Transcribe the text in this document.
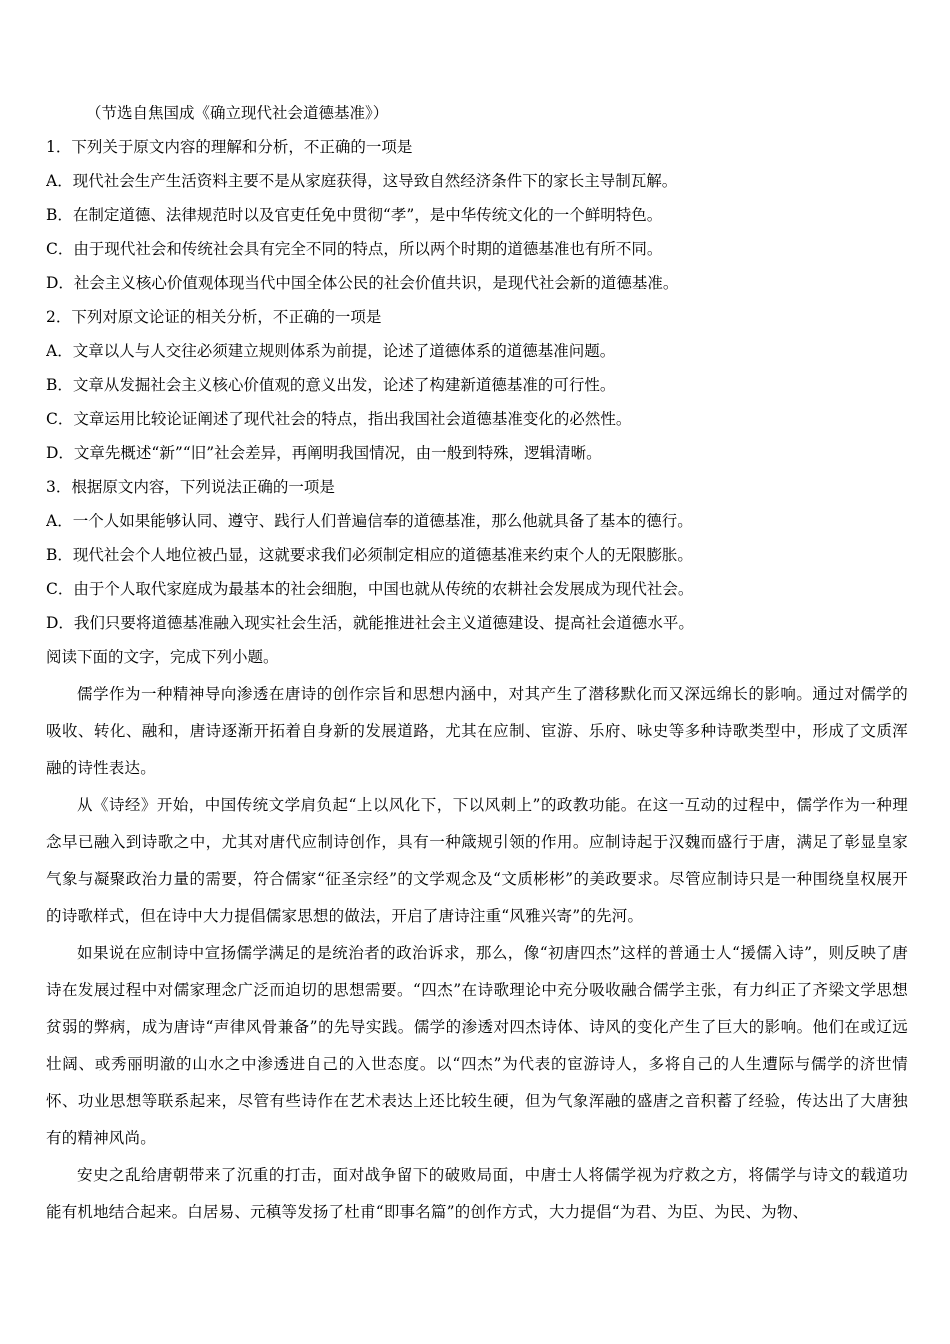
（节选自焦国成《确立现代社会道德基准》）
1．下列关于原文内容的理解和分析，不正确的一项是
A．现代社会生产生活资料主要不是从家庭获得，这导致自然经济条件下的家长主导制瓦解。
B．在制定道德、法律规范时以及官吏任免中贯彻“孝”，是中华传统文化的一个鲜明特色。
C．由于现代社会和传统社会具有完全不同的特点，所以两个时期的道德基准也有所不同。
D．社会主义核心价值观体现当代中国全体公民的社会价值共识，是现代社会新的道德基准。
2．下列对原文论证的相关分析，不正确的一项是
A．文章以人与人交往必须建立规则体系为前提，论述了道德体系的道德基准问题。
B．文章从发掘社会主义核心价值观的意义出发，论述了构建新道德基准的可行性。
C．文章运用比较论证阐述了现代社会的特点，指出我国社会道德基准变化的必然性。
D．文章先概述“新”“旧”社会差异，再阐明我国情况，由一般到特殊，逻辑清晰。
3．根据原文内容，下列说法正确的一项是
A．一个人如果能够认同、遵守、践行人们普遍信奉的道德基准，那么他就具备了基本的德行。
B．现代社会个人地位被凸显，这就要求我们必须制定相应的道德基准来约束个人的无限膨胀。
C．由于个人取代家庭成为最基本的社会细胞，中国也就从传统的农耕社会发展成为现代社会。
D．我们只要将道德基准融入现实社会生活，就能推进社会主义道德建设、提高社会道德水平。
阅读下面的文字，完成下列小题。

儒学作为一种精神导向渗透在唐诗的创作宗旨和思想内涵中，对其产生了潜移默化而又深远绵长的影响。通过对儒学的吸收、转化、融和，唐诗逐渐开拓着自身新的发展道路，尤其在应制、宦游、乐府、咏史等多种诗歌类型中，形成了文质浑融的诗性表达。

从《诗经》开始，中国传统文学肩负起“上以风化下，下以风刺上”的政教功能。在这一互动的过程中，儒学作为一种理念早已融入到诗歌之中，尤其对唐代应制诗创作，具有一种箴规引领的作用。应制诗起于汉魏而盛行于唐，满足了彰显皇家气象与凝聚政治力量的需要，符合儒家“征圣宗经”的文学观念及“文质彬彬”的美政要求。尽管应制诗只是一种围绕皇权展开的诗歌样式，但在诗中大力提倡儒家思想的做法，开启了唐诗注重“风雅兴寄”的先河。

如果说在应制诗中宣扬儒学满足的是统治者的政治诉求，那么，像“初唐四杰”这样的普通士人“援儒入诗”，则反映了唐诗在发展过程中对儒家理念广泛而迫切的思想需要。“四杰”在诗歌理论中充分吸收融合儒学主张，有力纠正了齐梁文学思想贫弱的弊病，成为唐诗“声律风骨兼备”的先导实践。儒学的渗透对四杰诗体、诗风的变化产生了巨大的影响。他们在或辽远壮阔、或秀丽明澈的山水之中渗透进自己的入世态度。以“四杰”为代表的宦游诗人，多将自己的人生遭际与儒学的济世情怀、功业思想等联系起来，尽管有些诗作在艺术表达上还比较生硬，但为气象浑融的盛唐之音积蓄了经验，传达出了大唐独有的精神风尚。

安史之乱给唐朝带来了沉重的打击，面对战争留下的破败局面，中唐士人将儒学视为疗救之方，将儒学与诗文的载道功能有机地结合起来。白居易、元稹等发扬了杜甫“即事名篇”的创作方式，大力提倡“为君、为臣、为民、为物、
